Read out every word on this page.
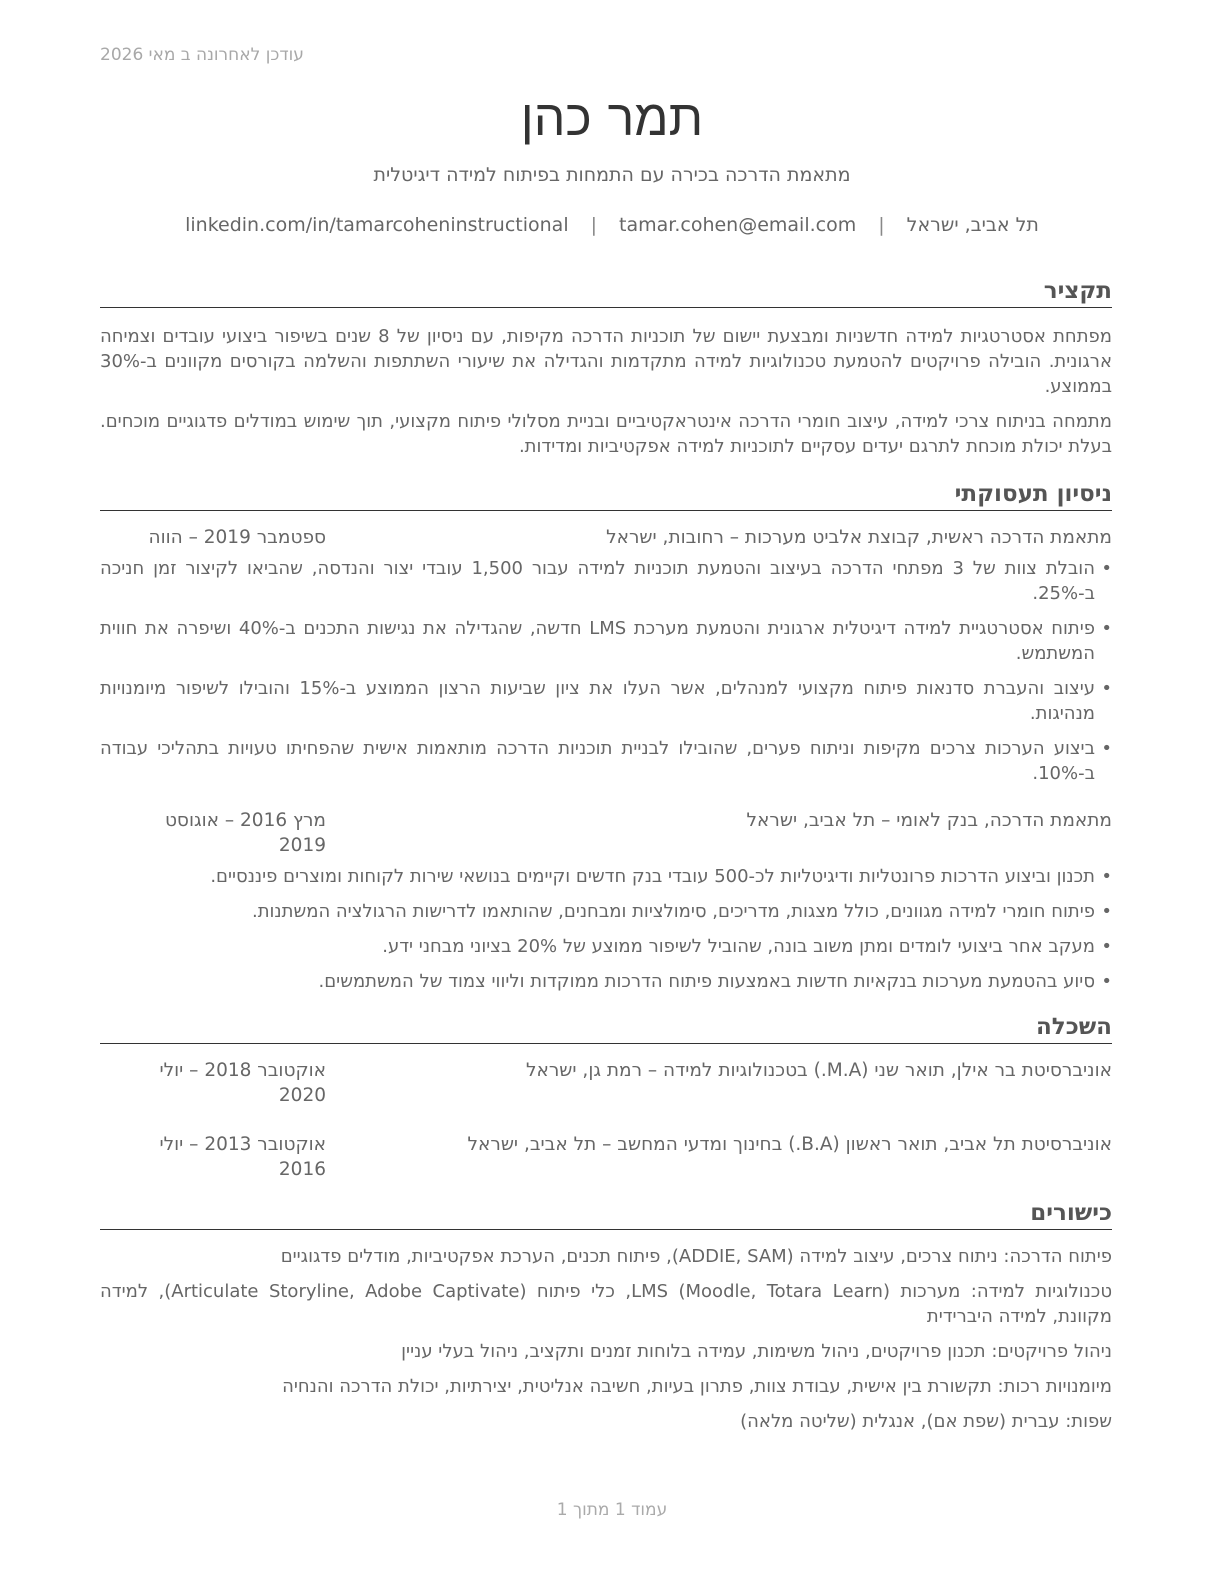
עודכן לאחרונה ב מאי 2026
תמר כהן
מתאמת הדרכה בכירה עם התמחות בפיתוח למידה דיגיטלית
תל אביב, ישראל
|
tamar.cohen@email.com
|
linkedin.com/in/tamarcoheninstructional
תקציר

מפתחת אסטרטגיות למידה חדשניות ומבצעת יישום של תוכניות הדרכה מקיפות, עם ניסיון של 8 שנים בשיפור ביצועי עובדים וצמיחה ארגונית. הובילה פרויקטים להטמעת טכנולוגיות למידה מתקדמות והגדילה את שיעורי השתתפות והשלמה בקורסים מקוונים ב-30% בממוצע.

מתמחה בניתוח צרכי למידה, עיצוב חומרי הדרכה אינטראקטיביים ובניית מסלולי פיתוח מקצועי, תוך שימוש במודלים פדגוגיים מוכחים. בעלת יכולת מוכחת לתרגם יעדים עסקיים לתוכניות למידה אפקטיביות ומדידות.

ניסיון תעסוקתי
מתאמת הדרכה ראשית, קבוצת אלביט מערכות – רחובות, ישראל
ספטמבר 2019 – הווה
• הובלת צוות של 3 מפתחי הדרכה בעיצוב והטמעת תוכניות למידה עבור 1,500 עובדי יצור והנדסה, שהביאו לקיצור זמן חניכה ב-25%.
• פיתוח אסטרטגיית למידה דיגיטלית ארגונית והטמעת מערכת LMS חדשה, שהגדילה את נגישות התכנים ב-40% ושיפרה את חווית המשתמש.
• עיצוב והעברת סדנאות פיתוח מקצועי למנהלים, אשר העלו את ציון שביעות הרצון הממוצע ב-15% והובילו לשיפור מיומנויות מנהיגות.
• ביצוע הערכות צרכים מקיפות וניתוח פערים, שהובילו לבניית תוכניות הדרכה מותאמות אישית שהפחיתו טעויות בתהליכי עבודה ב-10%.
מתאמת הדרכה, בנק לאומי – תל אביב, ישראל
מרץ 2016 – אוגוסט 2019
• תכנון וביצוע הדרכות פרונטליות ודיגיטליות לכ-500 עובדי בנק חדשים וקיימים בנושאי שירות לקוחות ומוצרים פיננסיים.
• פיתוח חומרי למידה מגוונים, כולל מצגות, מדריכים, סימולציות ומבחנים, שהותאמו לדרישות הרגולציה המשתנות.
• מעקב אחר ביצועי לומדים ומתן משוב בונה, שהוביל לשיפור ממוצע של 20% בציוני מבחני ידע.
• סיוע בהטמעת מערכות בנקאיות חדשות באמצעות פיתוח הדרכות ממוקדות וליווי צמוד של המשתמשים.
השכלה
אוניברסיטת בר אילן, תואר שני (M.A.) בטכנולוגיות למידה – רמת גן, ישראל
אוקטובר 2018 – יולי 2020
אוניברסיטת תל אביב, תואר ראשון (B.A.) בחינוך ומדעי המחשב – תל אביב, ישראל
אוקטובר 2013 – יולי 2016
כישורים

פיתוח הדרכה: ניתוח צרכים, עיצוב למידה (ADDIE, SAM), פיתוח תכנים, הערכת אפקטיביות, מודלים פדגוגיים

טכנולוגיות למידה: מערכות LMS (Moodle, Totara Learn), כלי פיתוח (Articulate Storyline, Adobe Captivate), למידה מקוונת, למידה היברידית

ניהול פרויקטים: תכנון פרויקטים, ניהול משימות, עמידה בלוחות זמנים ותקציב, ניהול בעלי עניין

מיומנויות רכות: תקשורת בין אישית, עבודת צוות, פתרון בעיות, חשיבה אנליטית, יצירתיות, יכולת הדרכה והנחיה

שפות: עברית (שפת אם), אנגלית (שליטה מלאה)

עמוד 1 מתוך 1
